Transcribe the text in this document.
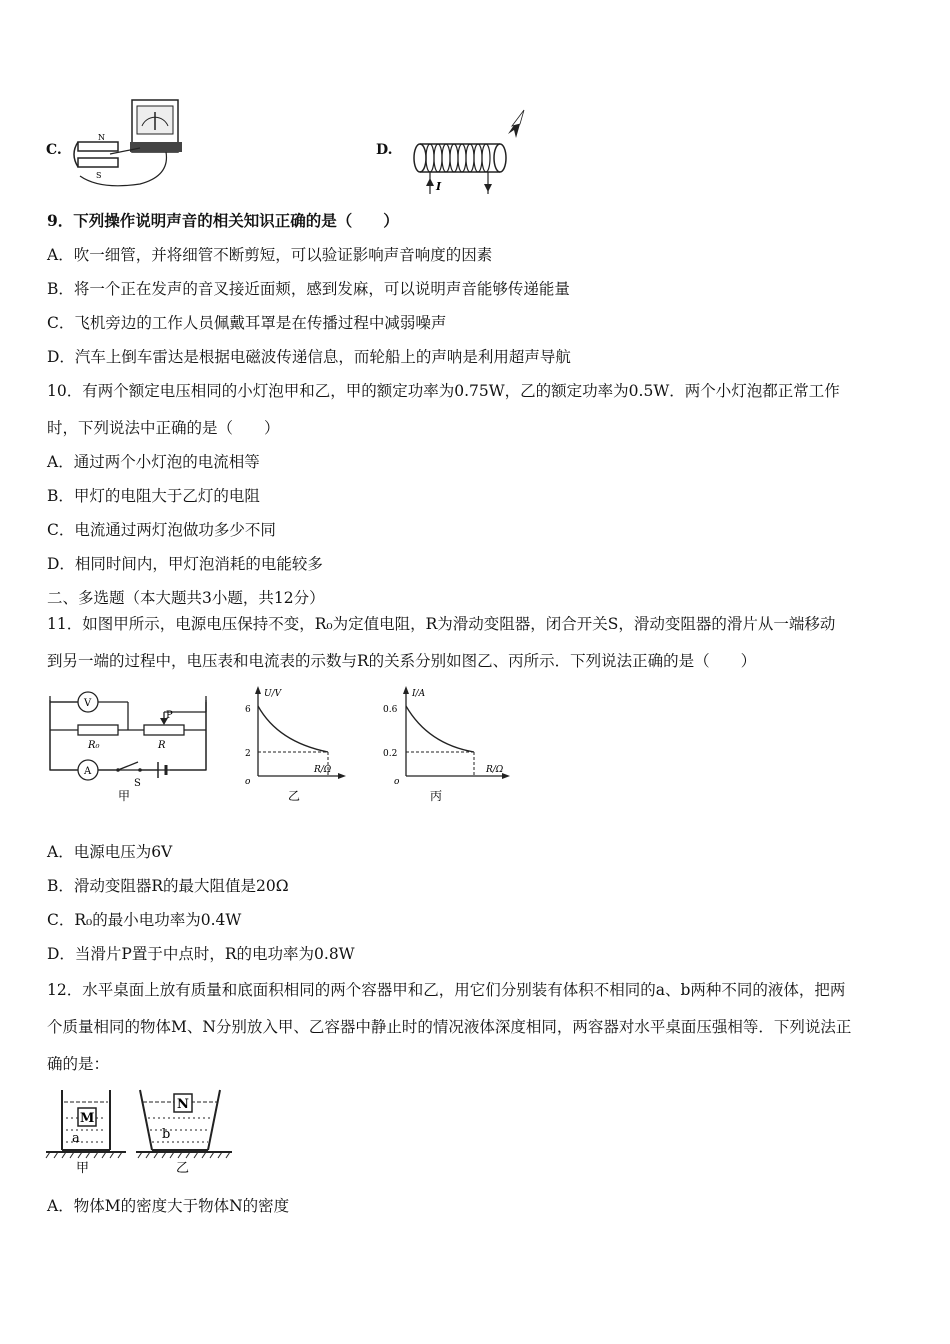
C.
N
S
D.
I
9．下列操作说明声音的相关知识正确的是（　　）
A．吹一细管，并将细管不断剪短，可以验证影响声音响度的因素
B．将一个正在发声的音叉接近面颊，感到发麻，可以说明声音能够传递能量
C．飞机旁边的工作人员佩戴耳罩是在传播过程中减弱噪声
D．汽车上倒车雷达是根据电磁波传递信息，而轮船上的声呐是利用超声导航
10．有两个额定电压相同的小灯泡甲和乙，甲的额定功率为0.75W，乙的额定功率为0.5W．两个小灯泡都正常工作
时，下列说法中正确的是（　　）
A．通过两个小灯泡的电流相等
B．甲灯的电阻大于乙灯的电阻
C．电流通过两灯泡做功多少不同
D．相同时间内，甲灯泡消耗的电能较多
二、多选题（本大题共3小题，共12分）
11．如图甲所示，电源电压保持不变，R₀为定值电阻，R为滑动变阻器，闭合开关S，滑动变阻器的滑片从一端移动
到另一端的过程中，电压表和电流表的示数与R的关系分别如图乙、丙所示．下列说法正确的是（　　）
V
R₀	R
P
A
S
甲
U/V
R/Ω
6
2
o
乙
I/A
R/Ω
0.6
0.2
o
丙
A．电源电压为6V
B．滑动变阻器R的最大阻值是20Ω
C．R₀的最小电功率为0.4W
D．当滑片P置于中点时，R的电功率为0.8W
12．水平桌面上放有质量和底面积相同的两个容器甲和乙，用它们分别装有体积不相同的a、b两种不同的液体，把两
个质量相同的物体M、N分别放入甲、乙容器中静止时的情况液体深度相同，两容器对水平桌面压强相等．下列说法正
确的是：
M
a
N
b
甲	乙
A．物体M的密度大于物体N的密度
